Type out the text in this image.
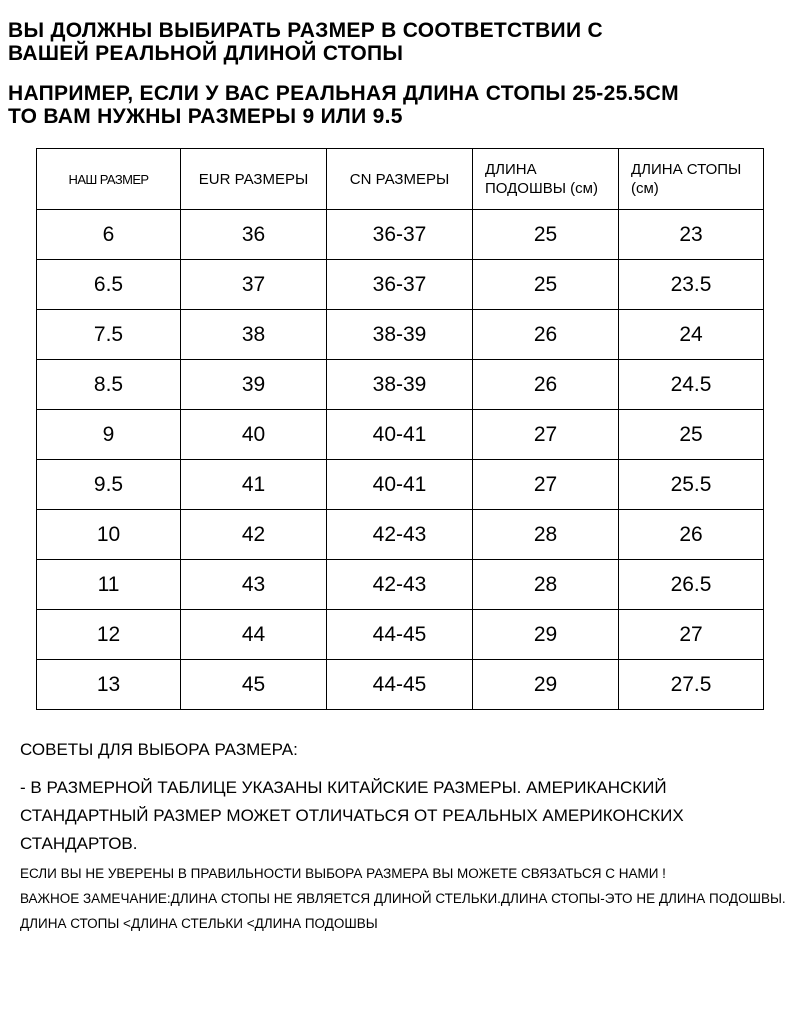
ВЫ ДОЛЖНЫ ВЫБИРАТЬ РАЗМЕР В СООТВЕТСТВИИ С
ВАШЕЙ РЕАЛЬНОЙ ДЛИНОЙ СТОПЫ
НАПРИМЕР, ЕСЛИ У ВАС РЕАЛЬНАЯ ДЛИНА СТОПЫ 25-25.5CM
ТО ВАМ НУЖНЫ РАЗМЕРЫ 9 ИЛИ 9.5
НАШ РАЗМЕР	EUR РАЗМЕРЫ	CN РАЗМЕРЫ	ДЛИНА ПОДОШВЫ (см)	ДЛИНА СТОПЫ (см)
6	36	36-37	25	23
6.5	37	36-37	25	23.5
7.5	38	38-39	26	24
8.5	39	38-39	26	24.5
9	40	40-41	27	25
9.5	41	40-41	27	25.5
10	42	42-43	28	26
11	43	42-43	28	26.5
12	44	44-45	29	27
13	45	44-45	29	27.5

СОВЕТЫ ДЛЯ ВЫБОРА РАЗМЕРА:

- В РАЗМЕРНОЙ ТАБЛИЦЕ УКАЗАНЫ КИТАЙСКИЕ РАЗМЕРЫ. АМЕРИКАНСКИЙ СТАНДАРТНЫЙ РАЗМЕР МОЖЕТ ОТЛИЧАТЬСЯ ОТ РЕАЛЬНЫХ АМЕРИКОНСКИХ СТАНДАРТОВ.

ЕСЛИ ВЫ НЕ УВЕРЕНЫ В ПРАВИЛЬНОСТИ ВЫБОРА РАЗМЕРА ВЫ МОЖЕТЕ СВЯЗАТЬСЯ С НАМИ !

ВАЖНОЕ ЗАМЕЧАНИЕ:ДЛИНА СТОПЫ НЕ ЯВЛЯЕТСЯ ДЛИНОЙ СТЕЛЬКИ.ДЛИНА СТОПЫ-ЭТО НЕ ДЛИНА ПОДОШВЫ.

ДЛИНА СТОПЫ <ДЛИНА СТЕЛЬКИ <ДЛИНА ПОДОШВЫ
